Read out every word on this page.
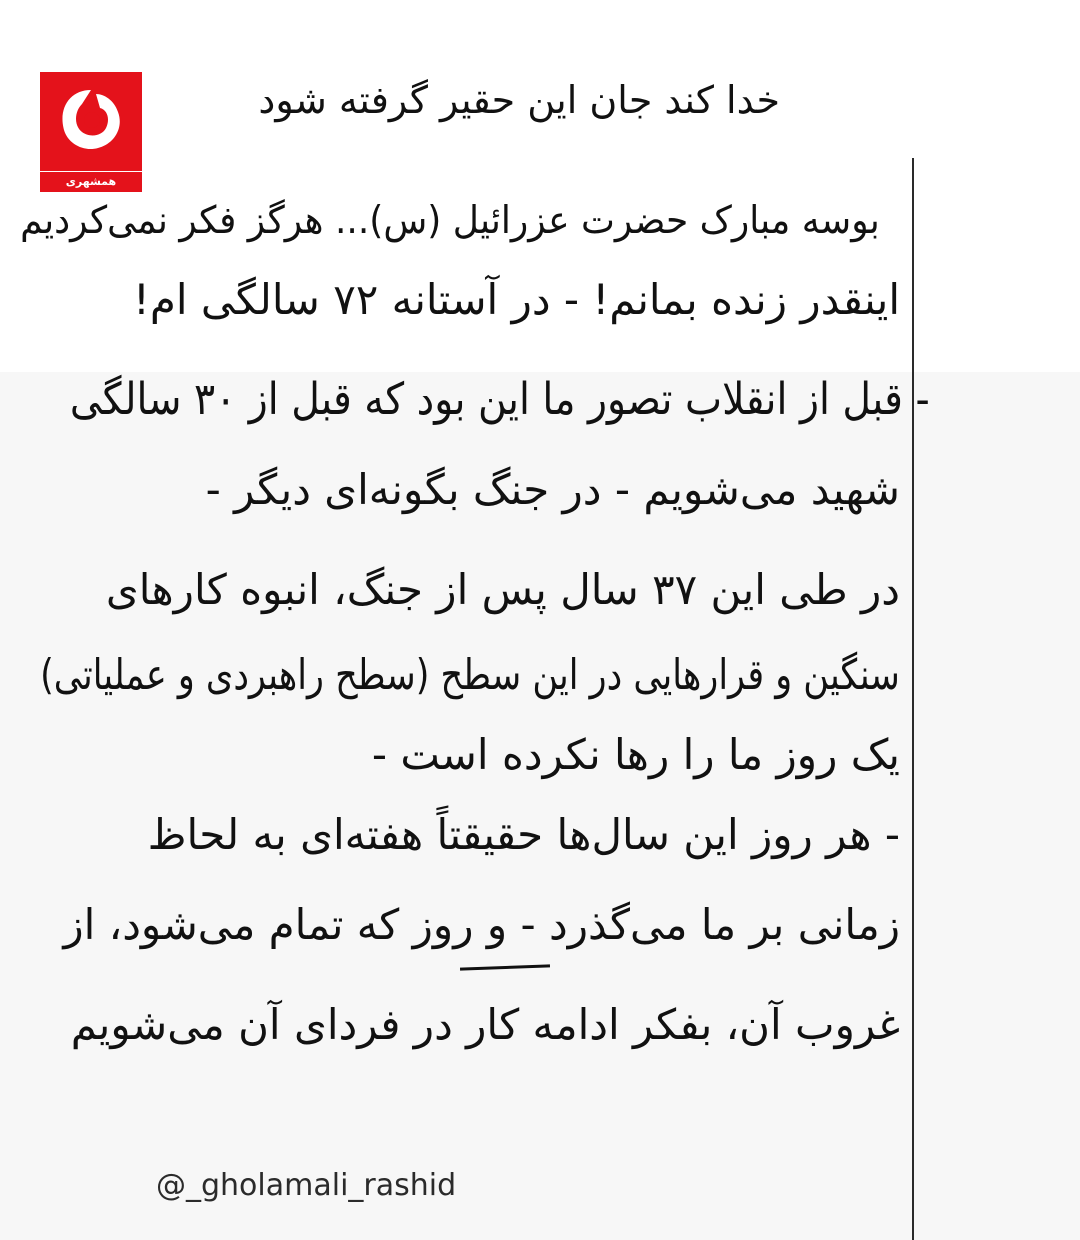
همشهری
خدا کند جان این حقیر گرفته شود
بوسه مبارک حضرت عزرائیل (س)... هرگز فکر نمی‌کردیم
اینقدر زنده بمانم! - در آستانه ۷۲ سالگی ام!
- قبل از انقلاب تصور ما این بود که قبل از ۳۰ سالگی
شهید می‌شویم - در جنگ بگونه‌ای دیگر -
در طی این ۳۷ سال پس از جنگ، انبوه کارهای
سنگین و قرارهایی در این سطح (سطح راهبردی و عملیاتی)
یک روز ما را رها نکرده است -
- هر روز این سال‌ها حقیقتاً هفته‌ای به لحاظ
زمانی بر ما می‌گذرد - و روز که تمام می‌شود، از
غروب آن، بفکر ادامه کار در فردای آن می‌شویم
@_gholamali_rashid
